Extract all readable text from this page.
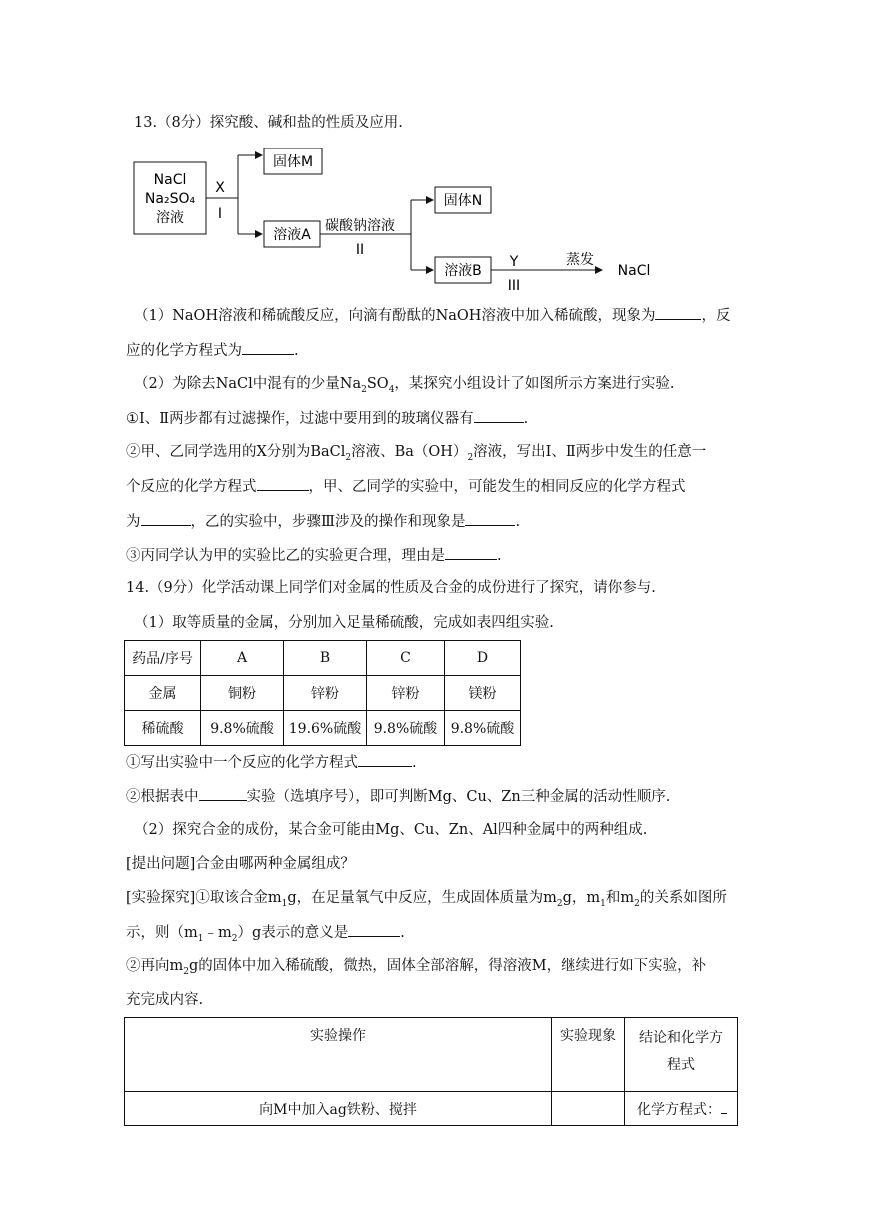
13.（8分）探究酸、碱和盐的性质及应用.
NaCl
Na₂SO₄
溶液
X
I
固体M
溶液A
碳酸钠溶液
II
固体N
溶液B
Y
III
蒸发
NaCl
（1）NaOH溶液和稀硫酸反应，向滴有酚酞的NaOH溶液中加入稀硫酸，现象为	，反
应的化学方程式为	.
（2）为除去NaCl中混有的少量$Na_2SO_4$，某探究小组设计了如图所示方案进行实验.
①Ⅰ、Ⅱ两步都有过滤操作，过滤中要用到的玻璃仪器有	.
②甲、乙同学选用的X分别为BaCl$_2$溶液、$Ba(OH)_2$溶液，写出Ⅰ、Ⅱ两步中发生的任意一
个反应的化学方程式	，甲、乙同学的实验中，可能发生的相同反应的化学方程式
为	，乙的实验中，步骤Ⅲ涉及的操作和现象是	.
③丙同学认为甲的实验比乙的实验更合理，理由是	.
14.（9分）化学活动课上同学们对金属的性质及合金的成份进行了探究，请你参与.
（1）取等质量的金属，分别加入足量稀硫酸，完成如表四组实验.
药品/序号	A	B	C	D
金属	铜粉	锌粉	锌粉	镁粉
稀硫酸	9.8%硫酸	19.6%硫酸	9.8%硫酸	9.8%硫酸
①写出实验中一个反应的化学方程式	.
②根据表中	实验（选填序号），即可判断Mg、Cu、Zn三种金属的活动性顺序.
（2）探究合金的成份，某合金可能由Mg、Cu、Zn、Al四种金属中的两种组成.
[提出问题]合金由哪两种金属组成？
[实验探究]①取该合金$m_1g$，在足量氧气中反应，生成固体质量为$m_2g$，$m_1$和$m_2$的关系如图所
示，则$(m_1﹣m_2)g$表示的意义是	.
②再向$m_2g$的固体中加入稀硫酸，微热，固体全部溶解，得溶液M，继续进行如下实验，补
充完成内容.
实验操作	实验现象	结论和化学方
程式

向M中加入ag铁粉、搅拌		化学方程式：
